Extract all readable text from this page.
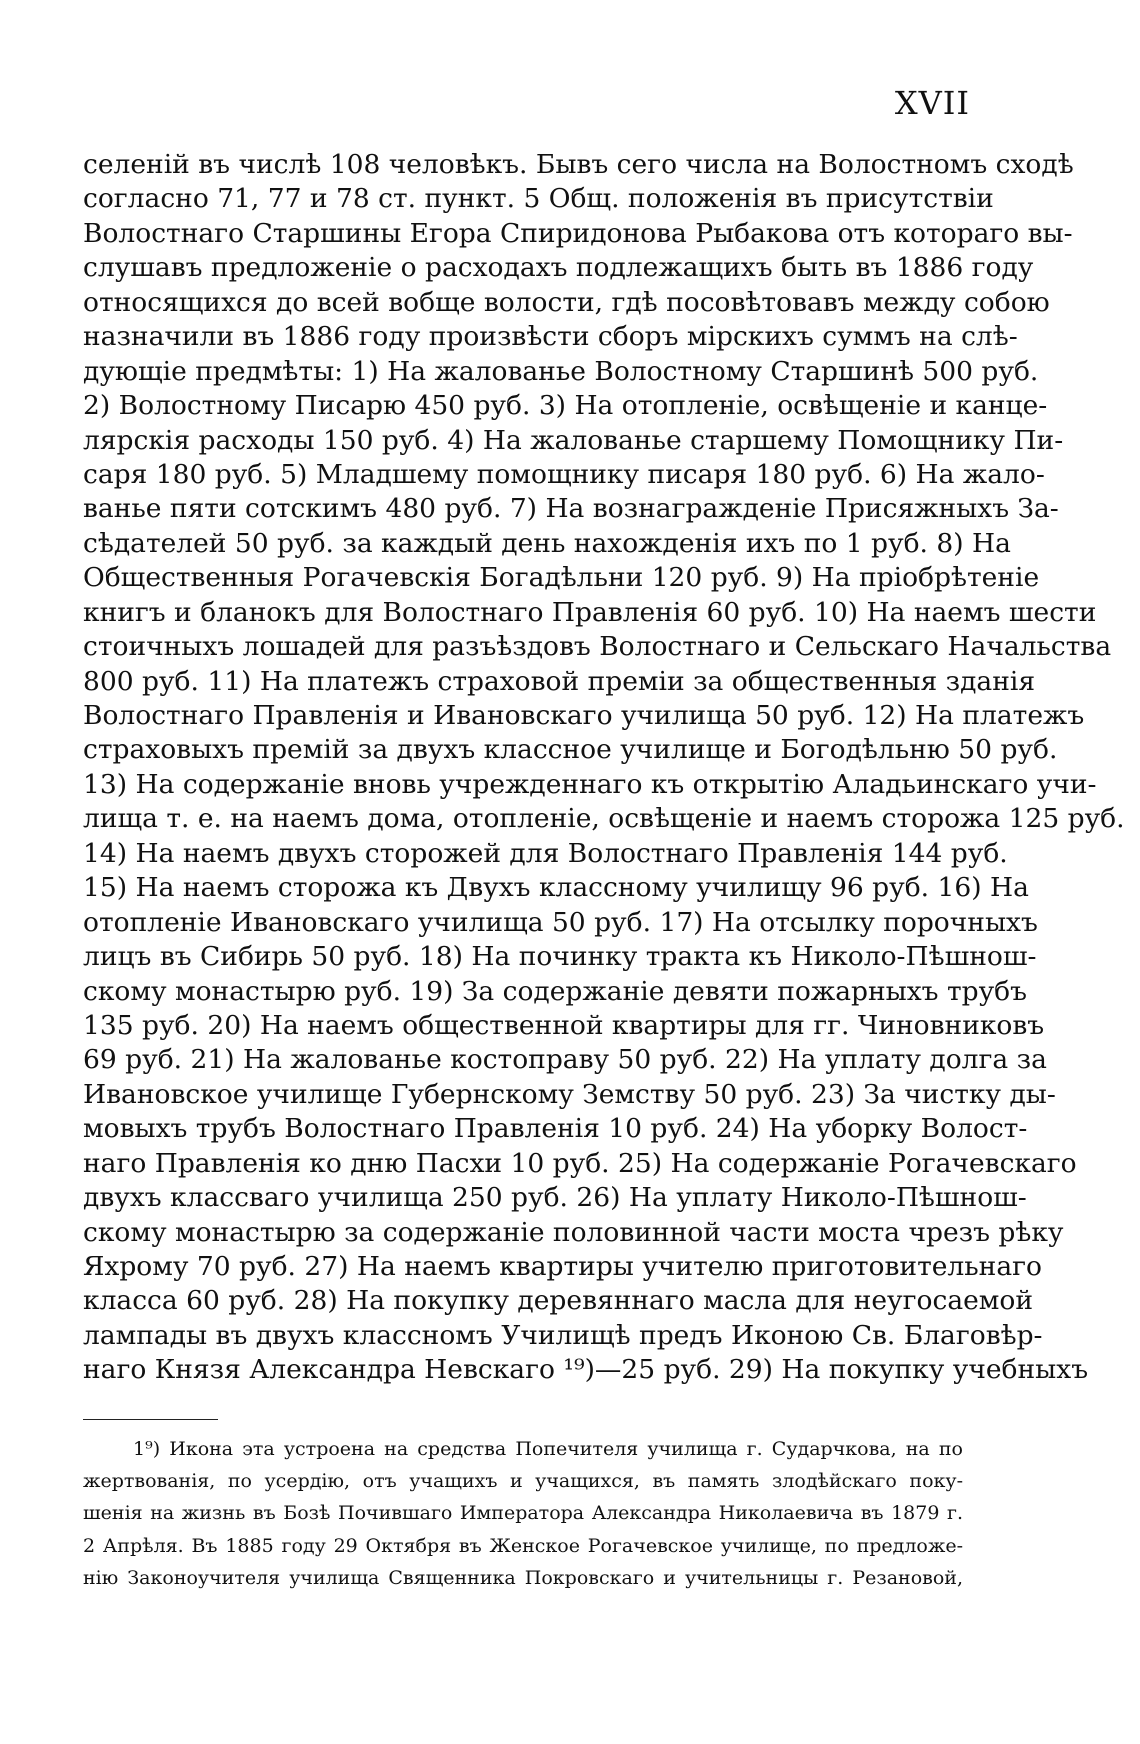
XVII
селеній въ числѣ 108 человѣкъ. Бывъ сего числа на Волостномъ сходѣ
согласно 71, 77 и 78 ст. пункт. 5 Общ. положенія въ присутствіи
Волостнаго Старшины Егора Спиридонова Рыбакова отъ котораго вы-
слушавъ предложеніе о расходахъ подлежащихъ быть въ 1886 году
относящихся до всей вобще волости, гдѣ посовѣтовавъ между собою
назначили въ 1886 году произвѣсти сборъ мірскихъ суммъ на слѣ-
дующіе предмѣты: 1) На жалованье Волостному Старшинѣ 500 руб.
2) Волостному Писарю 450 руб. 3) На отопленіе, освѣщеніе и канце-
лярскія расходы 150 руб. 4) На жалованье старшему Помощнику Пи-
саря 180 руб. 5) Младшему помощнику писаря 180 руб. 6) На жало-
ванье пяти сотскимъ 480 руб. 7) На вознагражденіе Присяжныхъ За-
сѣдателей 50 руб. за каждый день нахожденія ихъ по 1 руб. 8) На
Общественныя Рогачевскія Богадѣльни 120 руб. 9) На пріобрѣтеніе
книгъ и бланокъ для Волостнаго Правленія 60 руб. 10) На наемъ шести
стоичныхъ лошадей для разъѣздовъ Волостнаго и Сельскаго Начальства
800 руб. 11) На платежъ страховой преміи за общественныя зданія
Волостнаго Правленія и Ивановскаго училища 50 руб. 12) На платежъ
страховыхъ премій за двухъ классное училище и Богодѣльню 50 руб.
13) На содержаніе вновь учрежденнаго къ открытію Аладьинскаго учи-
лища т. е. на наемъ дома, отопленіе, освѣщеніе и наемъ сторожа 125 руб.
14) На наемъ двухъ сторожей для Волостнаго Правленія 144 руб.
15) На наемъ сторожа къ Двухъ классному училищу 96 руб. 16) На
отопленіе Ивановскаго училища 50 руб. 17) На отсылку порочныхъ
лицъ въ Сибирь 50 руб. 18) На починку тракта къ Николо-Пѣшнош-
скому монастырю руб. 19) За содержаніе девяти пожарныхъ трубъ
135 руб. 20) На наемъ общественной квартиры для гг. Чиновниковъ
69 руб. 21) На жалованье костоправу 50 руб. 22) На уплату долга за
Ивановское училище Губернскому Земству 50 руб. 23) За чистку ды-
мовыхъ трубъ Волостнаго Правленія 10 руб. 24) На уборку Волост-
наго Правленія ко дню Пасхи 10 руб. 25) На содержаніе Рогачевскаго
двухъ классваго училища 250 руб. 26) На уплату Николо-Пѣшнош-
скому монастырю за содержаніе половинной части моста чрезъ рѣку
Яхрому 70 руб. 27) На наемъ квартиры учителю приготовительнаго
класса 60 руб. 28) На покупку деревяннаго масла для неугосаемой
лампады въ двухъ классномъ Училищѣ предъ Иконою Св. Благовѣр-
наго Князя Александра Невскаго ¹⁹)—25 руб. 29) На покупку учебныхъ
1⁹) Икона эта устроена на средства Попечителя училища г. Сударчкова, на по
жертвованія, по усердію, отъ учащихъ и учащихся, въ память злодѣйскаго поку-
шенія на жизнь въ Бозѣ Почившаго Императора Александра Николаевича въ 1879 г.
2 Апрѣля. Въ 1885 году 29 Октября въ Женское Рогачевское училище, по предложе-
нію Законоучителя училища Священника Покровскаго и учительницы г. Резановой,
